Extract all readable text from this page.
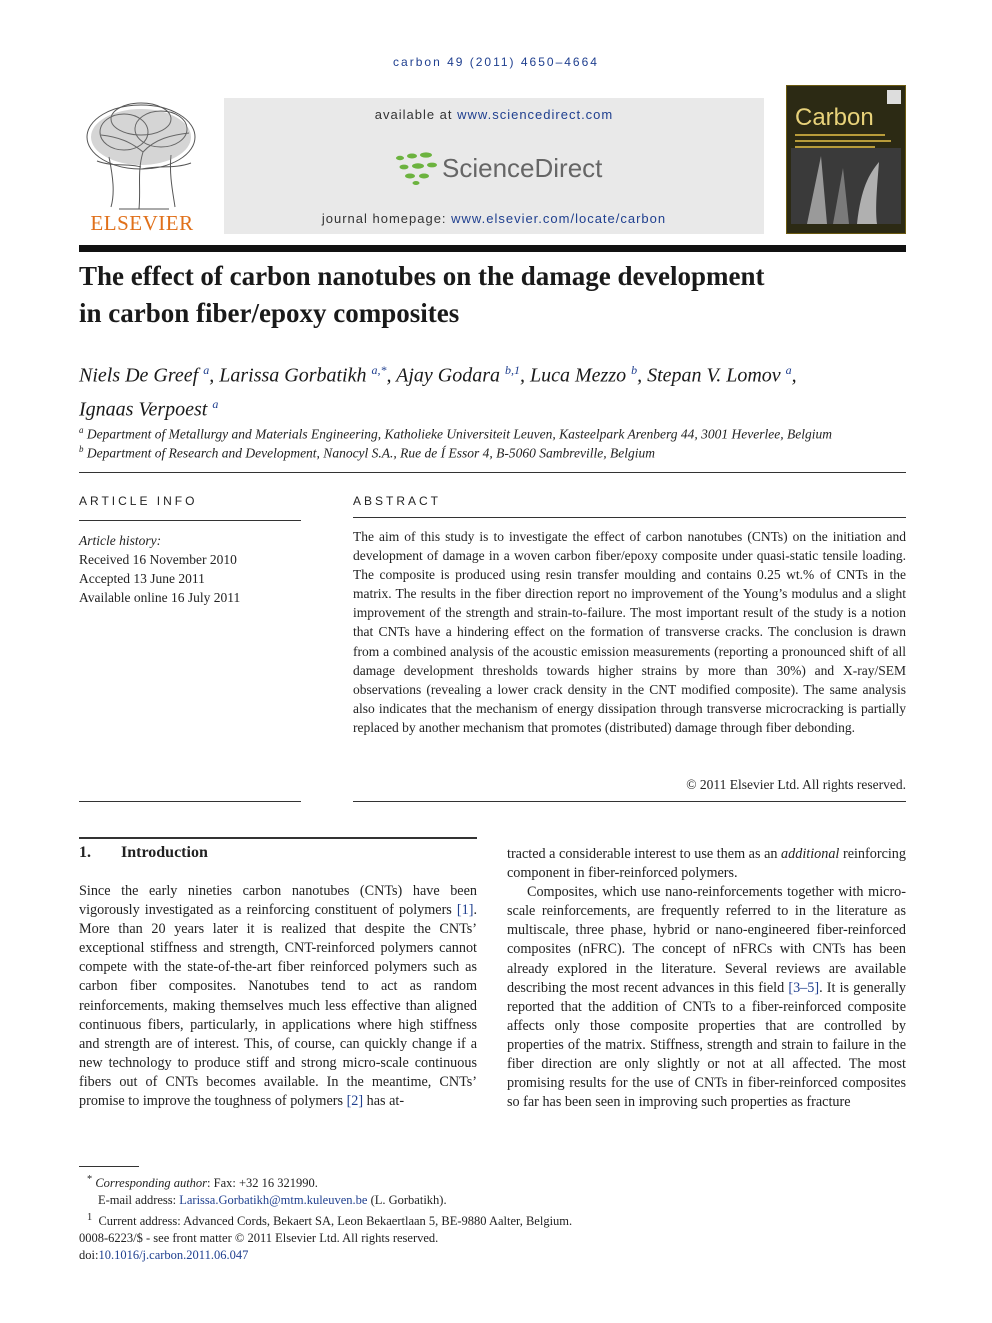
carbon 49 (2011) 4650–4664
ELSEVIER
available at www.sciencedirect.com
ScienceDirect
journal homepage: www.elsevier.com/locate/carbon
Carbon
The effect of carbon nanotubes on the damage development
in carbon fiber/epoxy composites
Niels De Greef $^a$, Larissa Gorbatikh $^{a,*}$, Ajay Godara $^{b,1}$, Luca Mezzo $^b$, Stepan V. Lomov $^a$,
Ignaas Verpoest $^a$
$^a$ Department of Metallurgy and Materials Engineering, Katholieke Universiteit Leuven, Kasteelpark Arenberg 44, 3001 Heverlee, Belgium
$^b$ Department of Research and Development, Nanocyl S.A., Rue de Í Essor 4, B-5060 Sambreville, Belgium
ARTICLE INFO
Article history:
Received 16 November 2010
Accepted 13 June 2011
Available online 16 July 2011
ABSTRACT
The aim of this study is to investigate the effect of carbon nanotubes (CNTs) on the initiation and development of damage in a woven carbon fiber/epoxy composite under quasi-static tensile loading. The composite is produced using resin transfer moulding and contains 0.25 wt.% of CNTs in the matrix. The results in the fiber direction report no improvement of the Young’s modulus and a slight improvement of the strength and strain-to-failure. The most important result of the study is a notion that CNTs have a hindering effect on the formation of transverse cracks. The conclusion is drawn from a combined analysis of the acoustic emission measurements (reporting a pronounced shift of all damage development thresholds towards higher strains by more than 30%) and X-ray/SEM observations (revealing a lower crack density in the CNT modified composite). The same analysis also indicates that the mechanism of energy dissipation through transverse microcracking is partially replaced by another mechanism that promotes (distributed) damage through fiber debonding.
© 2011 Elsevier Ltd. All rights reserved.
1. Introduction

Since the early nineties carbon nanotubes (CNTs) have been vigorously investigated as a reinforcing constituent of polymers [1]. More than 20 years later it is realized that despite the CNTs’ exceptional stiffness and strength, CNT-reinforced polymers cannot compete with the state-of-the-art fiber reinforced polymers such as carbon fiber composites. Nanotubes tend to act as random reinforcements, making themselves much less effective than aligned continuous fibers, particularly, in applications where high stiffness and strength are of interest. This, of course, can quickly change if a new technology to produce stiff and strong micro-scale continuous fibers out of CNTs becomes available. In the meantime, CNTs’ promise to improve the toughness of polymers [2] has at-

tracted a considerable interest to use them as an additional reinforcing component in fiber-reinforced polymers.

Composites, which use nano-reinforcements together with micro-scale reinforcements, are frequently referred to in the literature as multiscale, three phase, hybrid or nano-engineered fiber-reinforced composites (nFRC). The concept of nFRCs with CNTs has been already explored in the literature. Several reviews are available describing the most recent advances in this field [3–5]. It is generally reported that the addition of CNTs to a fiber-reinforced composite affects only those composite properties that are controlled by properties of the matrix. Stiffness, strength and strain to failure in the fiber direction are only slightly or not at all affected. The most promising results for the use of CNTs in fiber-reinforced composites so far has been seen in improving such properties as fracture

* Corresponding author: Fax: +32 16 321990.
E-mail address: Larissa.Gorbatikh@mtm.kuleuven.be (L. Gorbatikh).
$^1$ Current address: Advanced Cords, Bekaert SA, Leon Bekaertlaan 5, BE-9880 Aalter, Belgium.
0008-6223/$ - see front matter © 2011 Elsevier Ltd. All rights reserved.
doi:10.1016/j.carbon.2011.06.047
